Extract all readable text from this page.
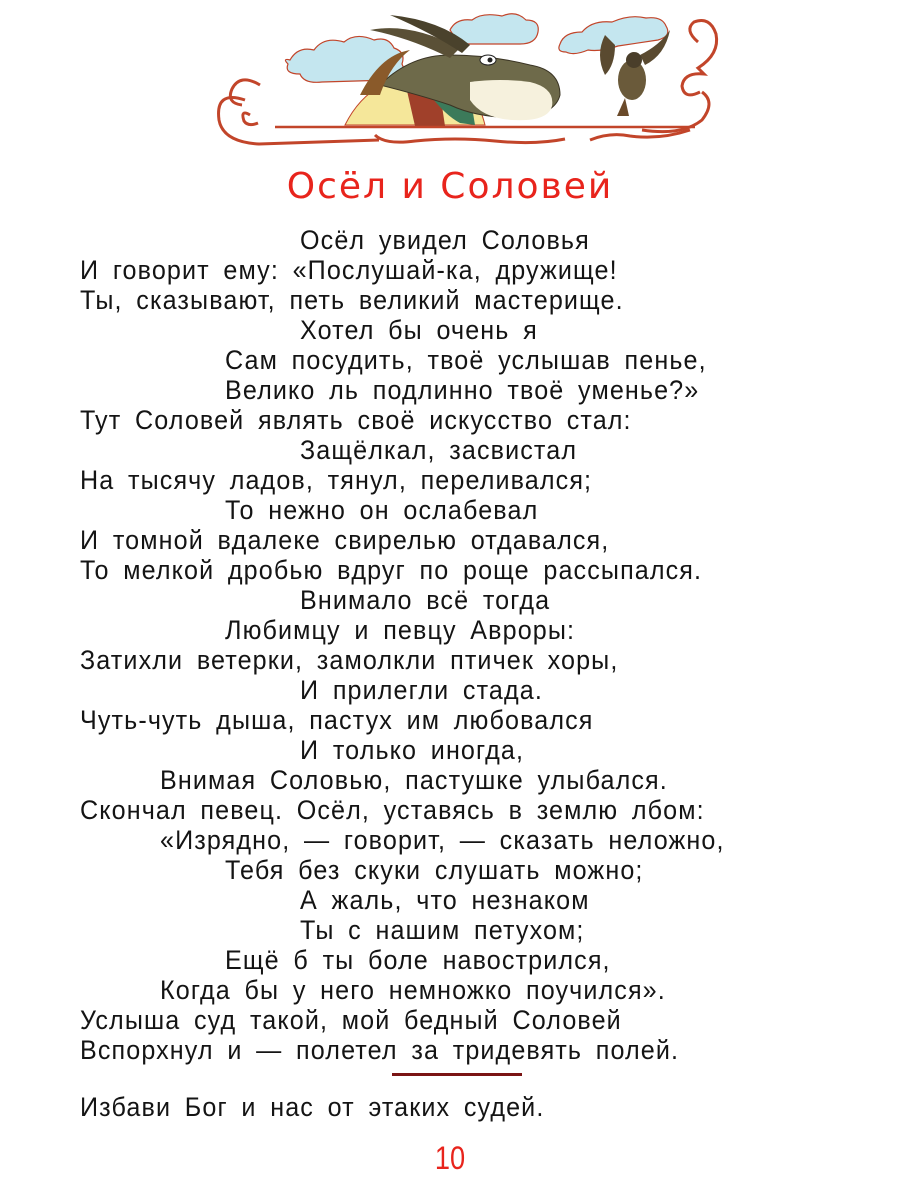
Осёл и Соловей
Осёл увидел Соловья
И говорит ему: «Послушай-ка, дружище!
Ты, сказывают, петь великий мастерище.
Хотел бы очень я
Сам посудить, твоё услышав пенье,
Велико ль подлинно твоё уменье?»
Тут Соловей являть своё искусство стал:
Защёлкал, засвистал
На тысячу ладов, тянул, переливался;
То нежно он ослабевал
И томной вдалеке свирелью отдавался,
То мелкой дробью вдруг по роще рассыпался.
Внимало всё тогда
Любимцу и певцу Авроры:
Затихли ветерки, замолкли птичек хоры,
И прилегли стада.
Чуть-чуть дыша, пастух им любовался
И только иногда,
Внимая Соловью, пастушке улыбался.
Скончал певец. Осёл, уставясь в землю лбом:
«Изрядно, — говорит, — сказать неложно,
Тебя без скуки слушать можно;
А жаль, что незнаком
Ты с нашим петухом;
Ещё б ты боле навострился,
Когда бы у него немножко поучился».
Услыша суд такой, мой бедный Соловей
Вспорхнул и — полетел за тридевять полей.
Избави Бог и нас от этаких судей.
10
